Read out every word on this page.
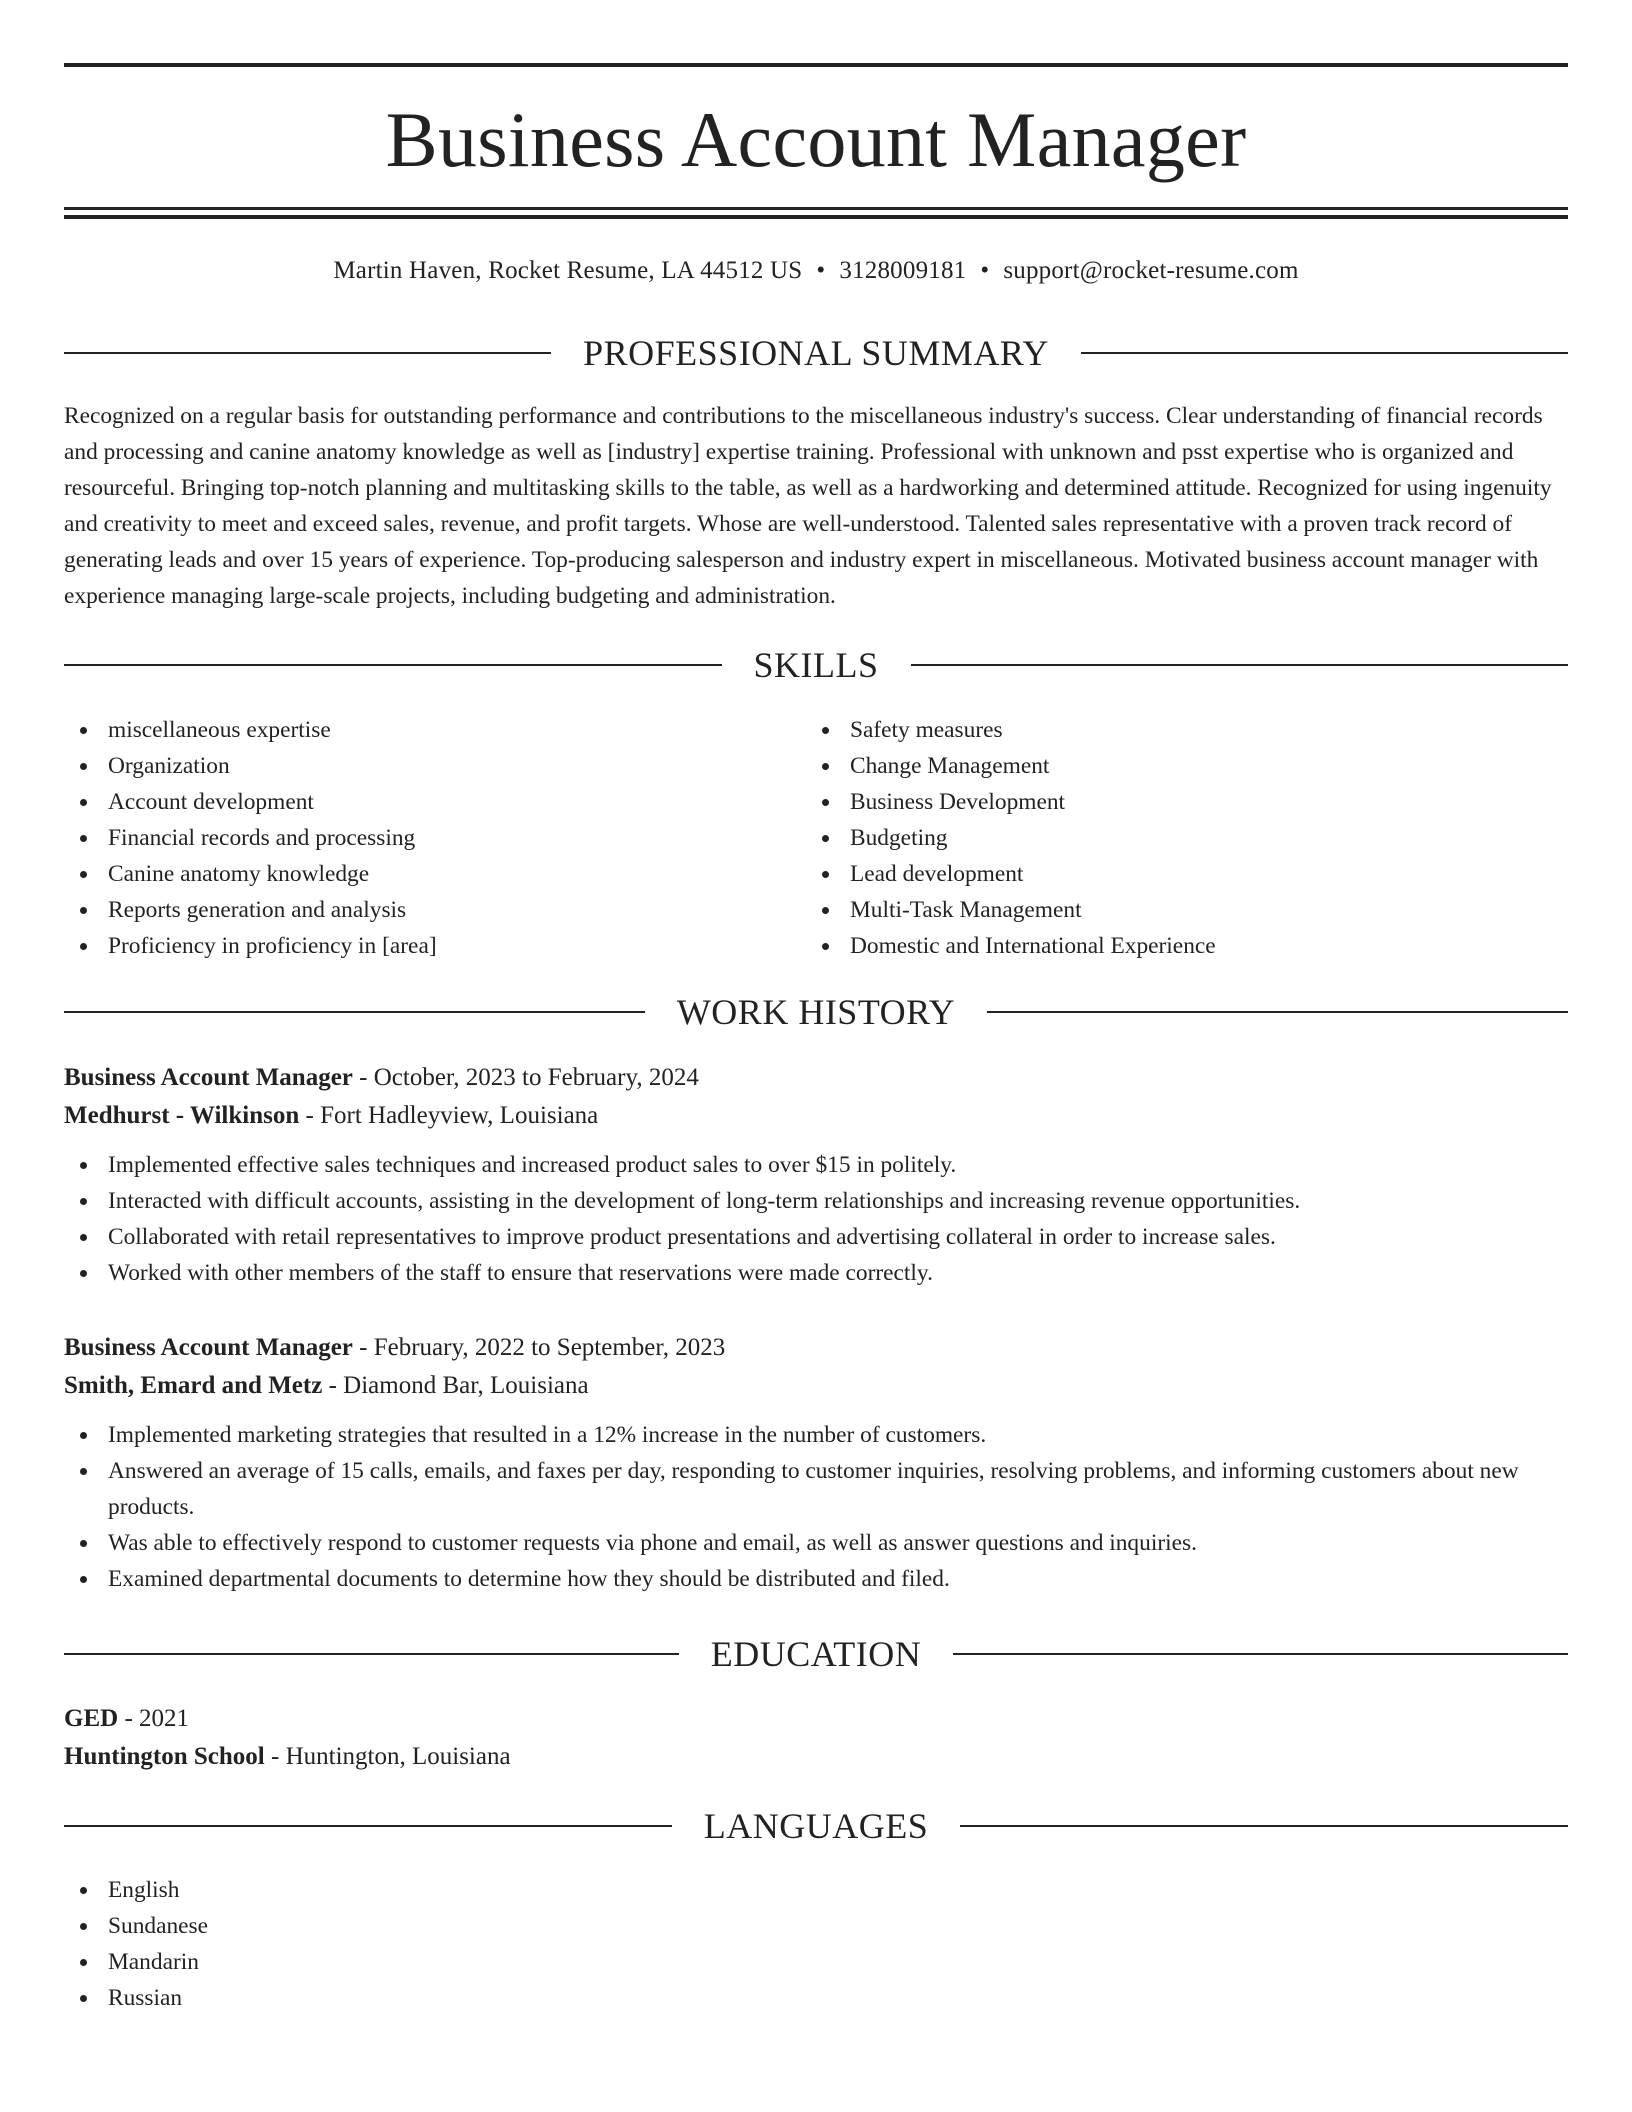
Business Account Manager
Martin Haven, Rocket Resume, LA 44512 US • 3128009181 • support@rocket-resume.com
PROFESSIONAL SUMMARY

Recognized on a regular basis for outstanding performance and contributions to the miscellaneous industry's success. Clear understanding of financial records and processing and canine anatomy knowledge as well as [industry] expertise training. Professional with unknown and psst expertise who is organized and resourceful. Bringing top-notch planning and multitasking skills to the table, as well as a hardworking and determined attitude. Recognized for using ingenuity and creativity to meet and exceed sales, revenue, and profit targets. Whose are well-understood. Talented sales representative with a proven track record of generating leads and over 15 years of experience. Top-producing salesperson and industry expert in miscellaneous. Motivated business account manager with experience managing large-scale projects, including budgeting and administration.

SKILLS
miscellaneous expertise
Organization
Account development
Financial records and processing
Canine anatomy knowledge
Reports generation and analysis
Proficiency in proficiency in [area]
Safety measures
Change Management
Business Development
Budgeting
Lead development
Multi-Task Management
Domestic and International Experience
WORK HISTORY
Business Account Manager - October, 2023 to February, 2024
Medhurst - Wilkinson - Fort Hadleyview, Louisiana
Implemented effective sales techniques and increased product sales to over $15 in politely.
Interacted with difficult accounts, assisting in the development of long-term relationships and increasing revenue opportunities.
Collaborated with retail representatives to improve product presentations and advertising collateral in order to increase sales.
Worked with other members of the staff to ensure that reservations were made correctly.
Business Account Manager - February, 2022 to September, 2023
Smith, Emard and Metz - Diamond Bar, Louisiana
Implemented marketing strategies that resulted in a 12% increase in the number of customers.
Answered an average of 15 calls, emails, and faxes per day, responding to customer inquiries, resolving problems, and informing customers about new products.
Was able to effectively respond to customer requests via phone and email, as well as answer questions and inquiries.
Examined departmental documents to determine how they should be distributed and filed.
EDUCATION
GED - 2021
Huntington School - Huntington, Louisiana
LANGUAGES
English
Sundanese
Mandarin
Russian
